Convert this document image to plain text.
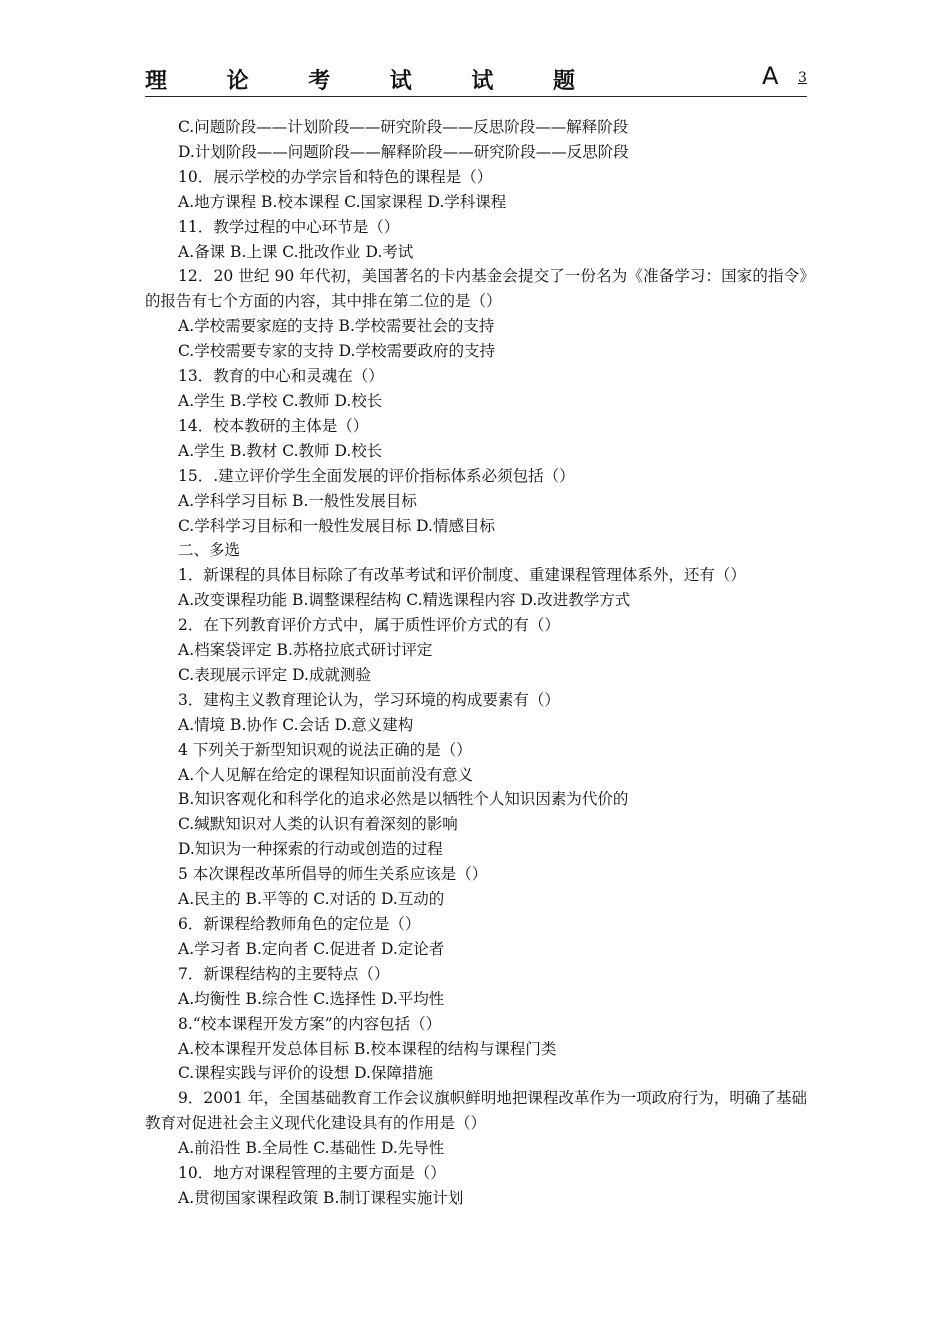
理	论	考	试	试	题	A 3
C.问题阶段——计划阶段——研究阶段——反思阶段——解释阶段
D.计划阶段——问题阶段——解释阶段——研究阶段——反思阶段
10．展示学校的办学宗旨和特色的课程是（）
A.地方课程 B.校本课程 C.国家课程 D.学科课程
11．教学过程的中心环节是（）
A.备课 B.上课 C.批改作业 D.考试
12．20 世纪 90 年代初，美国著名的卡内基金会提交了一份名为《准备学习：国家的指令》的报告有七个方面的内容，其中排在第二位的是（）
A.学校需要家庭的支持 B.学校需要社会的支持
C.学校需要专家的支持 D.学校需要政府的支持
13．教育的中心和灵魂在（）
A.学生 B.学校 C.教师 D.校长
14．校本教研的主体是（）
A.学生 B.教材 C.教师 D.校长
15．.建立评价学生全面发展的评价指标体系必须包括（）
A.学科学习目标 B.一般性发展目标
C.学科学习目标和一般性发展目标 D.情感目标
二、多选
1．新课程的具体目标除了有改革考试和评价制度、重建课程管理体系外，还有（）
A.改变课程功能 B.调整课程结构 C.精选课程内容 D.改进教学方式
2．在下列教育评价方式中，属于质性评价方式的有（）
A.档案袋评定 B.苏格拉底式研讨评定
C.表现展示评定 D.成就测验
3．建构主义教育理论认为，学习环境的构成要素有（）
A.情境 B.协作 C.会话 D.意义建构
4 下列关于新型知识观的说法正确的是（）
A.个人见解在给定的课程知识面前没有意义
B.知识客观化和科学化的追求必然是以牺牲个人知识因素为代价的
C.缄默知识对人类的认识有着深刻的影响
D.知识为一种探索的行动或创造的过程
5 本次课程改革所倡导的师生关系应该是（）
A.民主的 B.平等的 C.对话的 D.互动的
6．新课程给教师角色的定位是（）
A.学习者 B.定向者 C.促进者 D.定论者
7．新课程结构的主要特点（）
A.均衡性 B.综合性 C.选择性 D.平均性
8.“校本课程开发方案”的内容包括（）
A.校本课程开发总体目标 B.校本课程的结构与课程门类
C.课程实践与评价的设想 D.保障措施
9．2001 年，全国基础教育工作会议旗帜鲜明地把课程改革作为一项政府行为，明确了基础教育对促进社会主义现代化建设具有的作用是（）
A.前沿性 B.全局性 C.基础性 D.先导性
10．地方对课程管理的主要方面是（）
A.贯彻国家课程政策 B.制订课程实施计划
